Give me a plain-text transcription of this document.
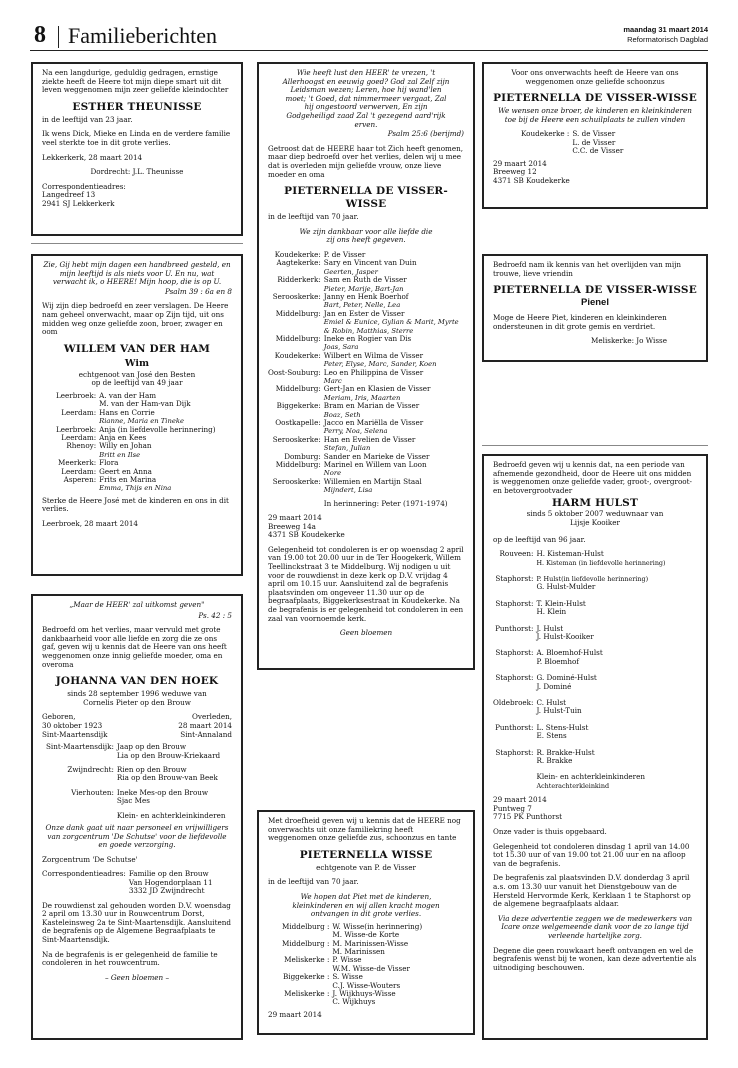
8 Familieberichten	maandag 31 maart 2014
Reformatorisch Dagblad

Na een langdurige, geduldig gedragen, ernstige ziekte heeft de Heere tot mijn diepe smart uit dit leven weggenomen mijn zeer geliefde kleindochter

ESTHER THEUNISSE

in de leeftijd van 23 jaar.

Ik wens Dick, Mieke en Linda en de verdere familie veel sterkte toe in dit grote verlies.

Lekkerkerk, 28 maart 2014

Dordrecht: J.L. Theunisse

Correspondentieadres:
Langedreef 13
2941 SJ Lekkerkerk

Zie, Gij hebt mijn dagen een handbreed gesteld, en mijn leeftijd is als niets voor U. En nu, wat verwacht ik, o HEERE! Mijn hoop, die is op U.

Psalm 39 : 6a en 8

Wij zijn diep bedroefd en zeer verslagen. De Heere nam geheel onverwacht, maar op Zijn tijd, uit ons midden weg onze geliefde zoon, broer, zwager en oom

WILLEM VAN DER HAM
Wim
echtgenoot van José den Besten
op de leeftijd van 49 jaar
Leerbroek:	A. van der Ham
	M. van der Ham-van Dijk
Leerdam:	Hans en Corrie
	Rianne, Maria en Tineke
Leerbroek:	Anja (in liefdevolle herinnering)
Leerdam:	Anja en Kees
Rhenoy:	Willy en Johan
	Britt en Ilse
Meerkerk:	Flora
Leerdam:	Geert en Anna
Asperen:	Frits en Marina
	Emma, Thijs en Nina

Sterke de Heere José met de kinderen en ons in dit verlies.

Leerbroek, 28 maart 2014

„Maar de HEER' zal uitkomst geven"

Ps. 42 : 5

Bedroefd om het verlies, maar vervuld met grote dankbaarheid voor alle liefde en zorg die ze ons gaf, geven wij u kennis dat de Heere van ons heeft weggenomen onze innig geliefde moeder, oma en overoma

JOHANNA VAN DEN HOEK
sinds 28 september 1996 weduwe van
Cornelis Pieter op den Brouw
Geboren,	Overleden,
30 oktober 1923	28 maart 2014
Sint-Maartensdijk	Sint-Annaland
Sint-Maartensdijk:	Jaap op den Brouw
	Lia op den Brouw-Kriekaard
Zwijndrecht:	Rien op den Brouw
	Ria op den Brouw-van Beek
Vierhouten:	Ineke Mes-op den Brouw
	Sjac Mes
	Klein- en achterkleinkinderen

Onze dank gaat uit naar personeel en vrijwilligers van zorgcentrum 'De Schutse' voor de liefdevolle en goede verzorging.

Zorgcentrum 'De Schutse'

Correspondentieadres:	Familie op den Brouw
	Van Hogendorplaan 11
	3332 JD Zwijndrecht

De rouwdienst zal gehouden worden D.V. woensdag 2 april om 13.30 uur in Rouwcentrum Dorst, Kasteleinsweg 2a te Sint-Maartensdijk. Aansluitend de begrafenis op de Algemene Begraafplaats te Sint-Maartensdijk.

Na de begrafenis is er gelegenheid de familie te condoleren in het rouwcentrum.

– Geen bloemen –

Wie heeft lust den HEER' te vrezen, 't Allerhoogst en eeuwig goed? God zal Zelf zijn Leidsman wezen; Leren, hoe hij wand'len moet; 't Goed, dat nimmermeer vergaat, Zal hij ongestoord verwerven, En zijn Godgeheiligd zaad Zal 't gezegend aard'rijk erven.

Psalm 25:6 (berijmd)

Getroost dat de HEERE haar tot Zich heeft genomen, maar diep bedroefd over het verlies, delen wij u mee dat is overleden mijn geliefde vrouw, onze lieve moeder en oma

PIETERNELLA DE VISSER-WISSE

in de leeftijd van 70 jaar.

We zijn dankbaar voor alle liefde die zij ons heeft gegeven.

Koudekerke:	P. de Visser
Aagtekerke:	Sary en Vincent van Duin
	Geerten, Jasper
Ridderkerk:	Sam en Ruth de Visser
	Pieter, Marije, Bart-Jan
Serooskerke:	Janny en Henk Boerhof
	Bart, Peter, Nelle, Lea
Middelburg:	Jan en Ester de Visser
	Emiel & Eunice, Gylian & Marit, Myrte & Robin, Matthias, Sterre
Middelburg:	Ineke en Rogier van Dis
	Joas, Sara
Koudekerke:	Wilbert en Wilma de Visser
	Peter, Elyse, Marc, Sander, Koen
Oost-Souburg:	Leo en Philippina de Visser
	Marc
Middelburg:	Gert-Jan en Klasien de Visser
	Meriam, Iris, Maarten
Biggekerke:	Bram en Marian de Visser
	Boaz, Seth
Oostkapelle:	Jacco en Mariëlla de Visser
	Perry, Noa, Selena
Serooskerke:	Han en Evelien de Visser
	Stefan, Julian
Domburg:	Sander en Marieke de Visser
Middelburg:	Marinel en Willem van Loon
	Nore
Serooskerke:	Willemien en Martijn Staal
	Mijndert, Lisa
	In herinnering: Peter (1971-1974)
29 maart 2014
Breeweg 14a
4371 SB Koudekerke

Gelegenheid tot condoleren is er op woensdag 2 april van 19.00 tot 20.00 uur in de Ter Hoogekerk, Willem Teellinckstraat 3 te Middelburg. Wij nodigen u uit voor de rouwdienst in deze kerk op D.V. vrijdag 4 april om 10.15 uur. Aansluitend zal de begrafenis plaatsvinden om ongeveer 11.30 uur op de begraafplaats, Biggekerksestraat in Koudekerke. Na de begrafenis is er gelegenheid tot condoleren in een zaal van voornoemde kerk.

Geen bloemen

Met droefheid geven wij u kennis dat de HEERE nog onverwachts uit onze familiekring heeft weggenomen onze geliefde zus, schoonzus en tante

PIETERNELLA WISSE
echtgenote van P. de Visser

in de leeftijd van 70 jaar.

We hopen dat Piet met de kinderen, kleinkinderen en wij allen kracht mogen ontvangen in dit grote verlies.

Middelburg :	W. Wisse(in herinnering)
	M. Wisse-de Korte
Middelburg :	M. Marinissen-Wisse
	M. Marinissen
Meliskerke :	P. Wisse
	W.M. Wisse-de Visser
Biggekerke :	S. Wisse
	C.J. Wisse-Wouters
Meliskerke :	J. Wijkhuys-Wisse
	C. Wijkhuys
29 maart 2014

Voor ons onverwachts heeft de Heere van ons weggenomen onze geliefde schoonzus

PIETERNELLA DE VISSER-WISSE

We wensen onze broer, de kinderen en kleinkinderen toe bij de Heere een schuilplaats te zullen vinden

Koudekerke :	S. de Visser
	L. de Visser
	C.C. de Visser
29 maart 2014
Breeweg 12
4371 SB Koudekerke

Bedroefd nam ik kennis van het overlijden van mijn trouwe, lieve vriendin

PIETERNELLA DE VISSER-WISSE
Pienel

Moge de Heere Piet, kinderen en kleinkinderen ondersteunen in dit grote gemis en verdriet.

Meliskerke: Jo Wisse

Bedroefd geven wij u kennis dat, na een periode van afnemende gezondheid, door de Heere uit ons midden is weggenomen onze geliefde vader, groot-, overgroot- en betovergrootvader

HARM HULST
sinds 5 oktober 2007 weduwnaar van
Lijsje Kooiker

op de leeftijd van 96 jaar.

Rouveen:	H. Kisteman-Hulst
	H. Kisteman (in liefdevolle herinnering)
Staphorst:	P. Hulst(in liefdevolle herinnering)
	G. Hulst-Mulder
Staphorst:	T. Klein-Hulst
	H. Klein
Punthorst:	J. Hulst
	J. Hulst-Kooiker
Staphorst:	A. Bloemhof-Hulst
	P. Bloemhof
Staphorst:	G. Dominé-Hulst
	J. Dominé
Oldebroek:	C. Hulst
	J. Hulst-Tuin
Punthorst:	L. Stens-Hulst
	E. Stens
Staphorst:	R. Brakke-Hulst
	R. Brakke
	Klein- en achterkleinkinderen
	Achterachterkleinkind
29 maart 2014
Puntweg 7
7715 PK Punthorst

Onze vader is thuis opgebaard.

Gelegenheid tot condoleren dinsdag 1 april van 14.00 tot 15.30 uur of van 19.00 tot 21.00 uur en na afloop van de begrafenis.

De begrafenis zal plaatsvinden D.V. donderdag 3 april a.s. om 13.30 uur vanuit het Dienstgebouw van de Hersteld Hervormde Kerk, Kerklaan 1 te Staphorst op de algemene begraafplaats aldaar.

Via deze advertentie zeggen we de medewerkers van Icare onze welgemeende dank voor de zo lange tijd verleende hartelijke zorg.

Degene die geen rouwkaart heeft ontvangen en wel de begrafenis wenst bij te wonen, kan deze advertentie als uitnodiging beschouwen.
